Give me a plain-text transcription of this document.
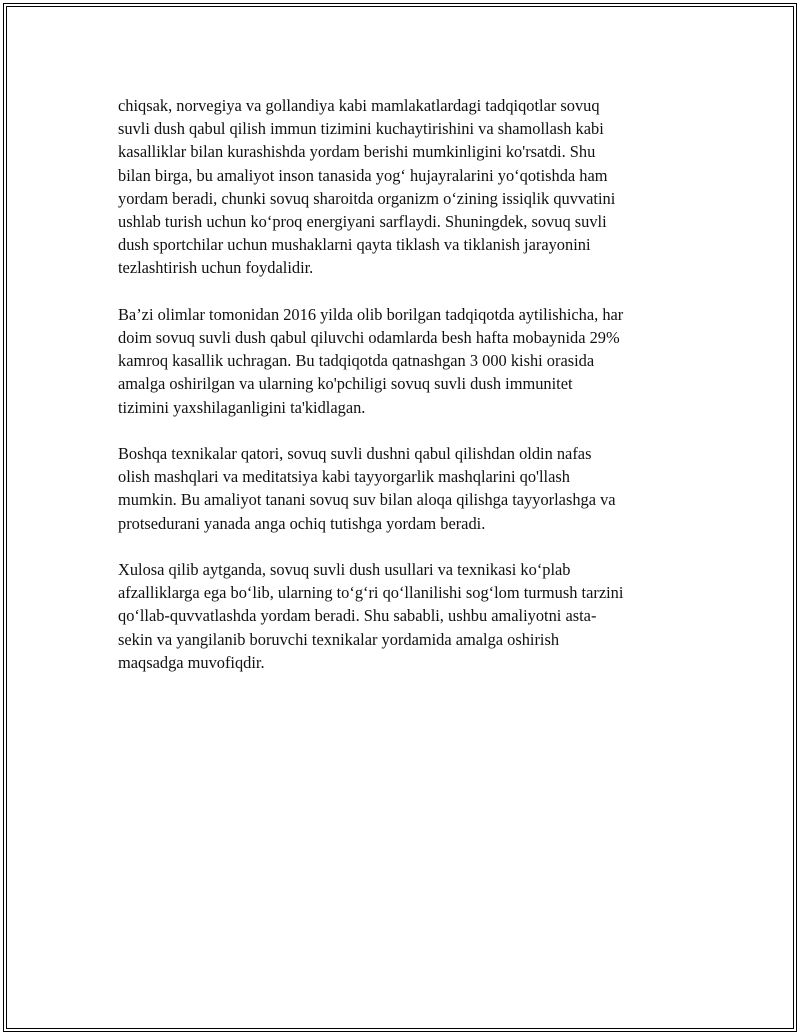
chiqsak, norvegiya va gollandiya kabi mamlakatlardagi tadqiqotlar sovuq
suvli dush qabul qilish immun tizimini kuchaytirishini va shamollash kabi
kasalliklar bilan kurashishda yordam berishi mumkinligini ko'rsatdi. Shu
bilan birga, bu amaliyot inson tanasida yog‘ hujayralarini yo‘qotishda ham
yordam beradi, chunki sovuq sharoitda organizm o‘zining issiqlik quvvatini
ushlab turish uchun ko‘proq energiyani sarflaydi. Shuningdek, sovuq suvli
dush sportchilar uchun mushaklarni qayta tiklash va tiklanish jarayonini
tezlashtirish uchun foydalidir.

Ba’zi olimlar tomonidan 2016 yilda olib borilgan tadqiqotda aytilishicha, har
doim sovuq suvli dush qabul qiluvchi odamlarda besh hafta mobaynida 29%
kamroq kasallik uchragan. Bu tadqiqotda qatnashgan 3 000 kishi orasida
amalga oshirilgan va ularning ko'pchiligi sovuq suvli dush immunitet
tizimini yaxshilaganligini ta'kidlagan.

Boshqa texnikalar qatori, sovuq suvli dushni qabul qilishdan oldin nafas
olish mashqlari va meditatsiya kabi tayyorgarlik mashqlarini qo'llash
mumkin. Bu amaliyot tanani sovuq suv bilan aloqa qilishga tayyorlashga va
protsedurani yanada anga ochiq tutishga yordam beradi.

Xulosa qilib aytganda, sovuq suvli dush usullari va texnikasi ko‘plab
afzalliklarga ega bo‘lib, ularning to‘g‘ri qo‘llanilishi sog‘lom turmush tarzini
qo‘llab-quvvatlashda yordam beradi. Shu sababli, ushbu amaliyotni asta-
sekin va yangilanib boruvchi texnikalar yordamida amalga oshirish
maqsadga muvofiqdir.
